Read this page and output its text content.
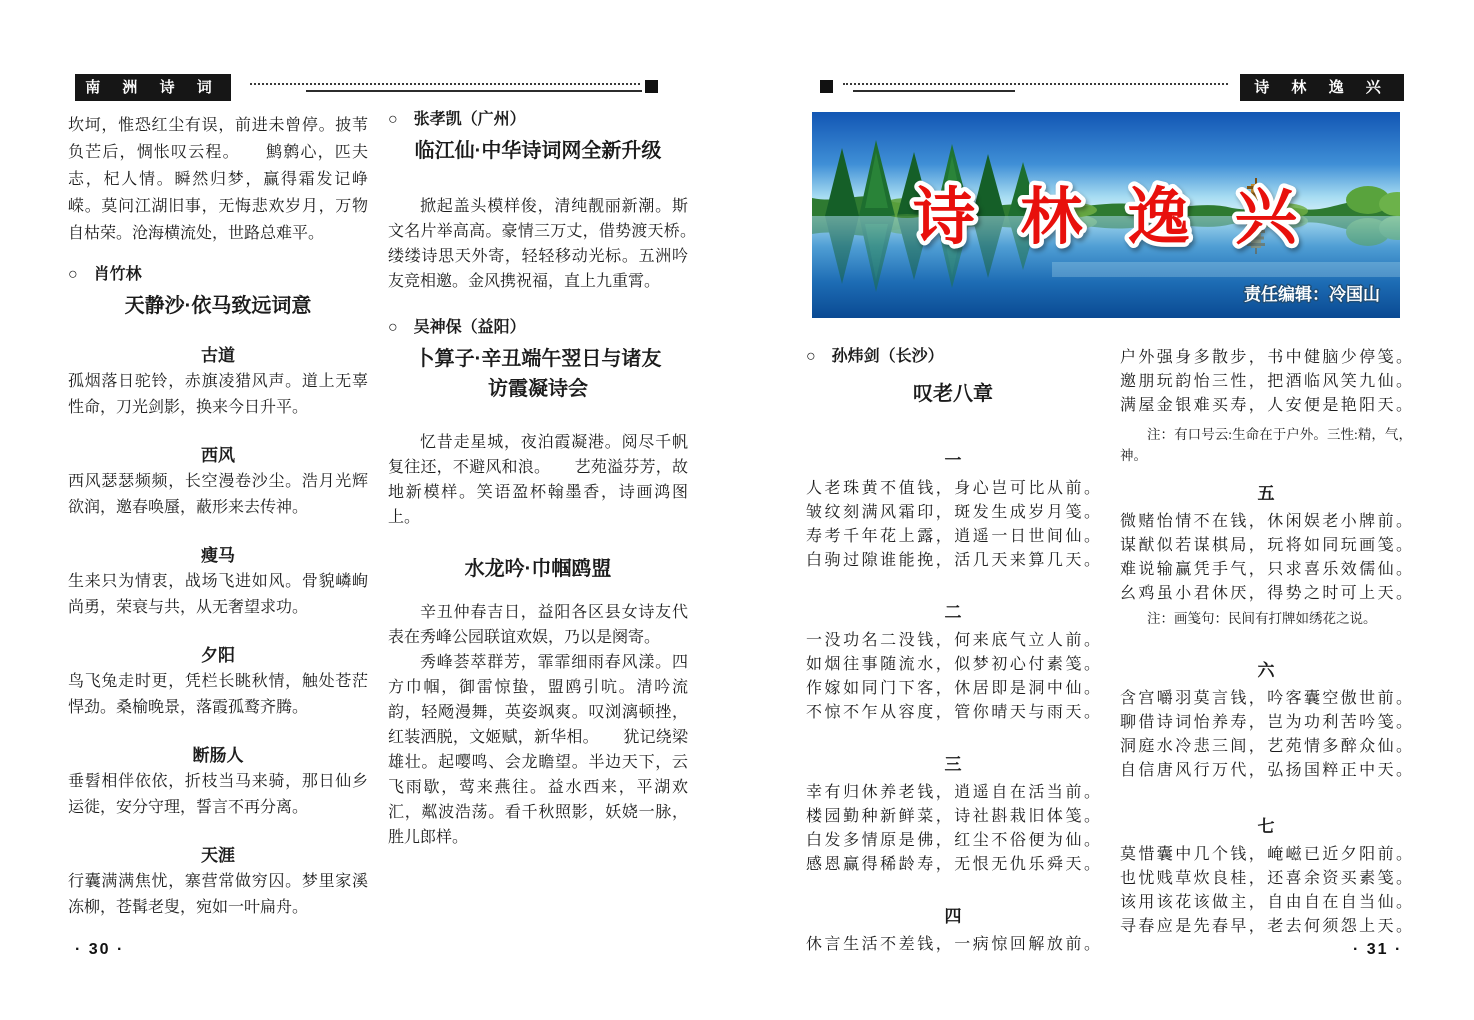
南 洲 诗 词
坎坷，惟恐红尘有误，前进未曾停。披苇负芒后，惆怅叹云程。　　鹪鹩心，匹夫志，杞人情。瞬然归梦，赢得霜发记峥嵘。莫问江湖旧事，无悔悲欢岁月，万物自枯荣。沧海横流处，世路总难平。
○　肖竹林
天静沙·依马致远词意
古道
孤烟落日驼铃，赤旗凌猎风声。道上无辜性命，刀光剑影，换来今日升平。
西风
西风瑟瑟频频，长空漫卷沙尘。浩月光辉欲润，邀春唤蜃，蔽形来去传神。
瘦马
生来只为情衷，战场飞进如风。骨貌嶙峋尚勇，荣衰与共，从无奢望求功。
夕阳
鸟飞兔走时更，凭栏长眺秋情，触处苍茫悍劲。桑榆晚景，落霞孤鹜齐腾。
断肠人
垂髫相伴依依，折枝当马来骑，那日仙乡运徙，安分守理，誓言不再分离。
天涯
行囊满满焦忧，寨营常做穷囚。梦里家溪冻柳，苍髯老叟，宛如一叶扁舟。
○　张孝凯（广州）
临江仙·中华诗词网全新升级
掀起盖头模样俊，清纯靓丽新潮。斯文名片举高高。豪情三万丈，借势渡天桥。　　缕缕诗思天外寄，轻轻移动光标。五洲吟友竞相邀。金风携祝福，直上九重霄。
○　吴神保（益阳）
卜算子·辛丑端午翌日与诸友
访霞凝诗会
忆昔走星城，夜泊霞凝港。阅尽千帆复往还，不避风和浪。　　艺苑溢芬芳，故地新模样。笑语盈杯翰墨香，诗画鸿图上。
水龙吟·巾帼鸥盟
辛丑仲春吉日，益阳各区县女诗友代表在秀峰公园联谊欢娱，乃以是阕寄。
秀峰荟萃群芳，霏霏细雨春风漾。四方巾帼，御雷惊蛰，盟鸥引吭。清吟流韵，轻飏漫舞，英姿飒爽。叹浏漓顿挫，红装洒脱，文姬赋，新华相。　　犹记绕梁雄壮。起嘤鸣、会龙瞻望。半边天下，云飞雨歇，莺来燕往。益水西来，平湖欢汇，粼波浩荡。看千秋照影，妖娆一脉，胜儿郎样。
· 30 ·
诗 林 逸 兴
诗 林 逸 兴
责任编辑：冷国山
○　孙炜剑（长沙）
叹老八章
一
人老珠黄不值钱，身心岂可比从前。
皱纹刻满风霜印，斑发生成岁月笺。
寿考千年花上露，逍遥一日世间仙。
白驹过隙谁能挽，活几天来算几天。
二
一没功名二没钱，何来底气立人前。
如烟往事随流水，似梦初心付素笺。
作嫁如同门下客，休居即是洞中仙。
不惊不乍从容度，管你晴天与雨天。
三
幸有归休养老钱，逍遥自在活当前。
楼园勤种新鲜菜，诗社斟栽旧体笺。
白发多情原是佛，红尘不俗便为仙。
感恩赢得稀龄寿，无恨无仇乐舜天。
四
休言生活不差钱，一病惊回解放前。
户外强身多散步，书中健脑少停笺。
邀朋玩韵怡三性，把酒临风笑九仙。
满屋金银难买寿，人安便是艳阳天。
注：有口号云:生命在于户外。三性:精，气，神。
五
微赌怡情不在钱，休闲娱老小牌前。
谋猷似若谋棋局，玩将如同玩画笺。
难说输赢凭手气，只求喜乐效儒仙。
幺鸡虽小君休厌，得势之时可上天。
注：画笺句：民间有打牌如绣花之说。
六
含宫嚼羽莫言钱，吟客囊空傲世前。
聊借诗词怡养寿，岂为功利苦吟笺。
洞庭水冷悲三闾，艺苑情多醉众仙。
自信唐风行万代，弘扬国粹正中天。
七
莫惜囊中几个钱，崦嵫已近夕阳前。
也忧贱草炊良桂，还喜余资买素笺。
该用该花该做主，自由自在自当仙。
寻春应是先春早，老去何须怨上天。
· 31 ·
